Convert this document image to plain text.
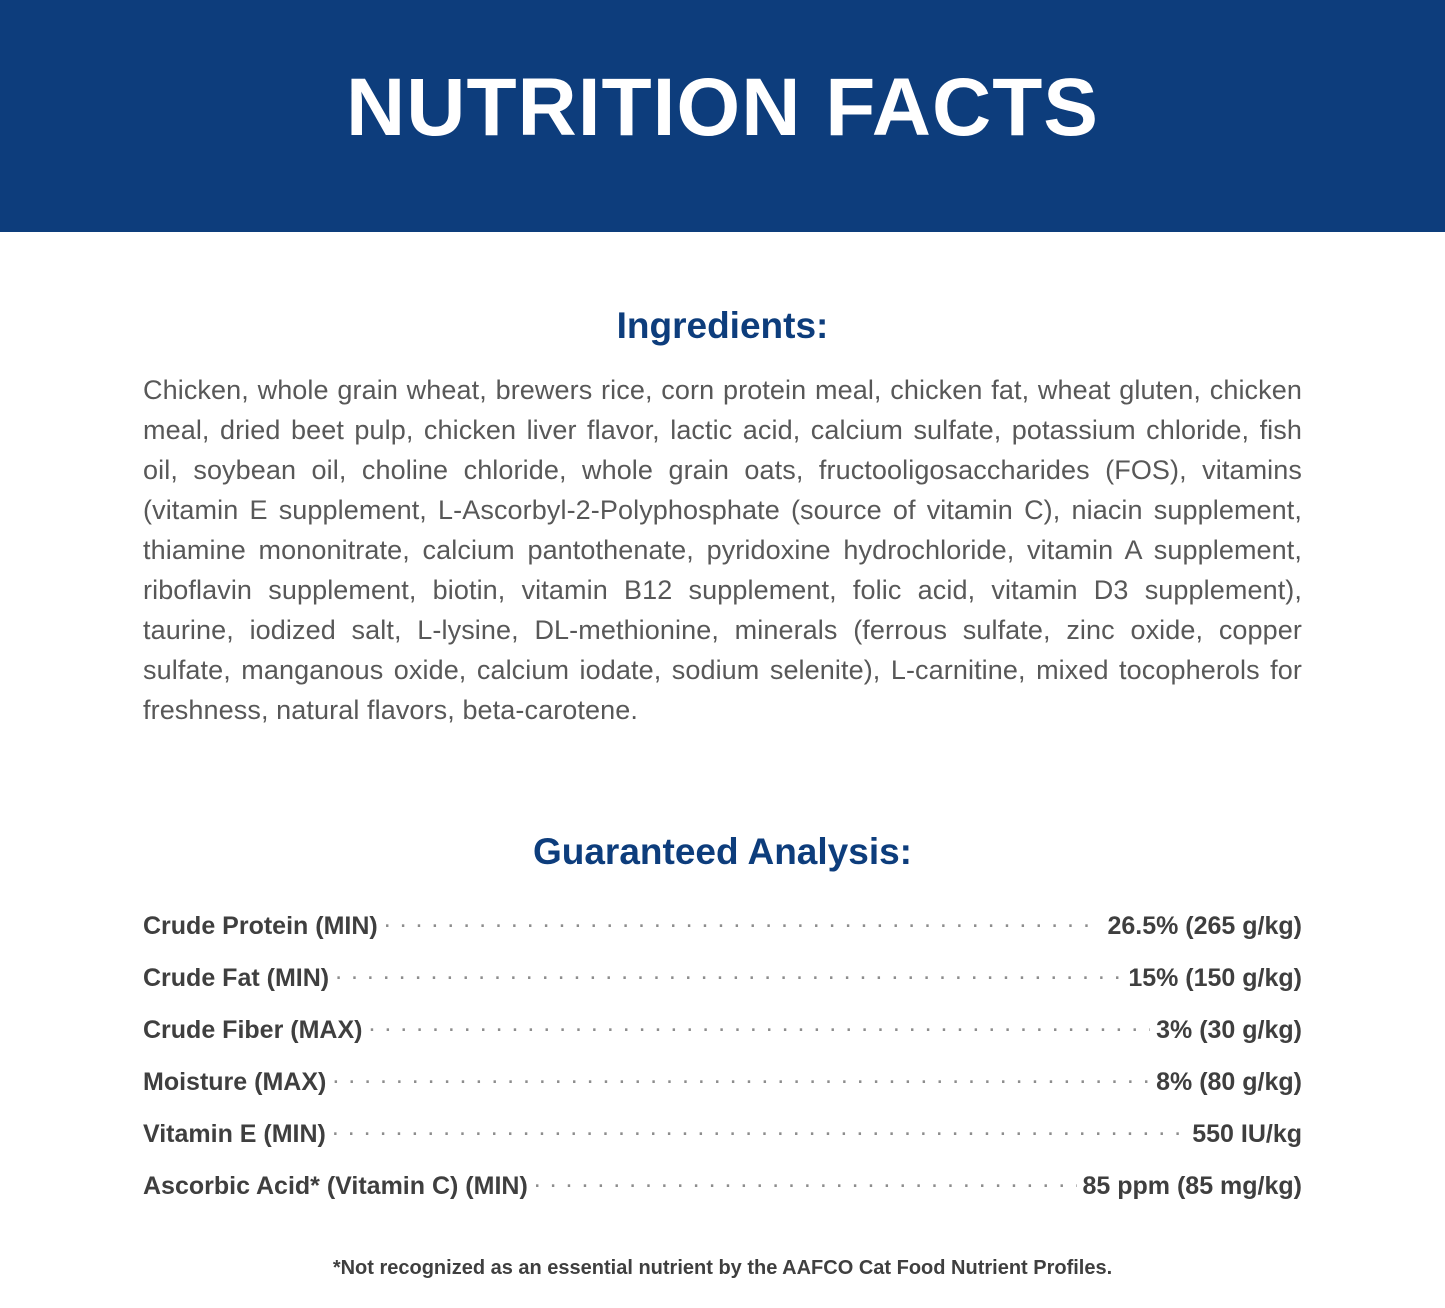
NUTRITION FACTS
Ingredients:

Chicken, whole grain wheat, brewers rice, corn protein meal, chicken fat, wheat gluten, chicken meal, dried beet pulp, chicken liver flavor, lactic acid, calcium sulfate, potassium chloride, fish oil, soybean oil, choline chloride, whole grain oats, fructooligosaccharides (FOS), vitamins (vitamin E supplement, L-Ascorbyl-2-Polyphosphate (source of vitamin C), niacin supplement, thiamine mononitrate, calcium pantothenate, pyridoxine hydrochloride, vitamin A supplement, riboflavin supplement, biotin, vitamin B12 supplement, folic acid, vitamin D3 supplement), taurine, iodized salt, L-lysine, DL-methionine, minerals (ferrous sulfate, zinc oxide, copper sulfate, manganous oxide, calcium iodate, sodium selenite), L-carnitine, mixed tocopherols for freshness, natural flavors, beta-carotene.

Guaranteed Analysis:
Crude Protein (MIN) . . .	26.5% (265 g/kg)
Crude Fat (MIN) . . .	15% (150 g/kg)
Crude Fiber (MAX) . . .	3% (30 g/kg)
Moisture (MAX) . . .	8% (80 g/kg)
Vitamin E (MIN) . . .	550 IU/kg
Ascorbic Acid* (Vitamin C) (MIN) . . .	85 ppm (85 mg/kg)
*Not recognized as an essential nutrient by the AAFCO Cat Food Nutrient Profiles.
